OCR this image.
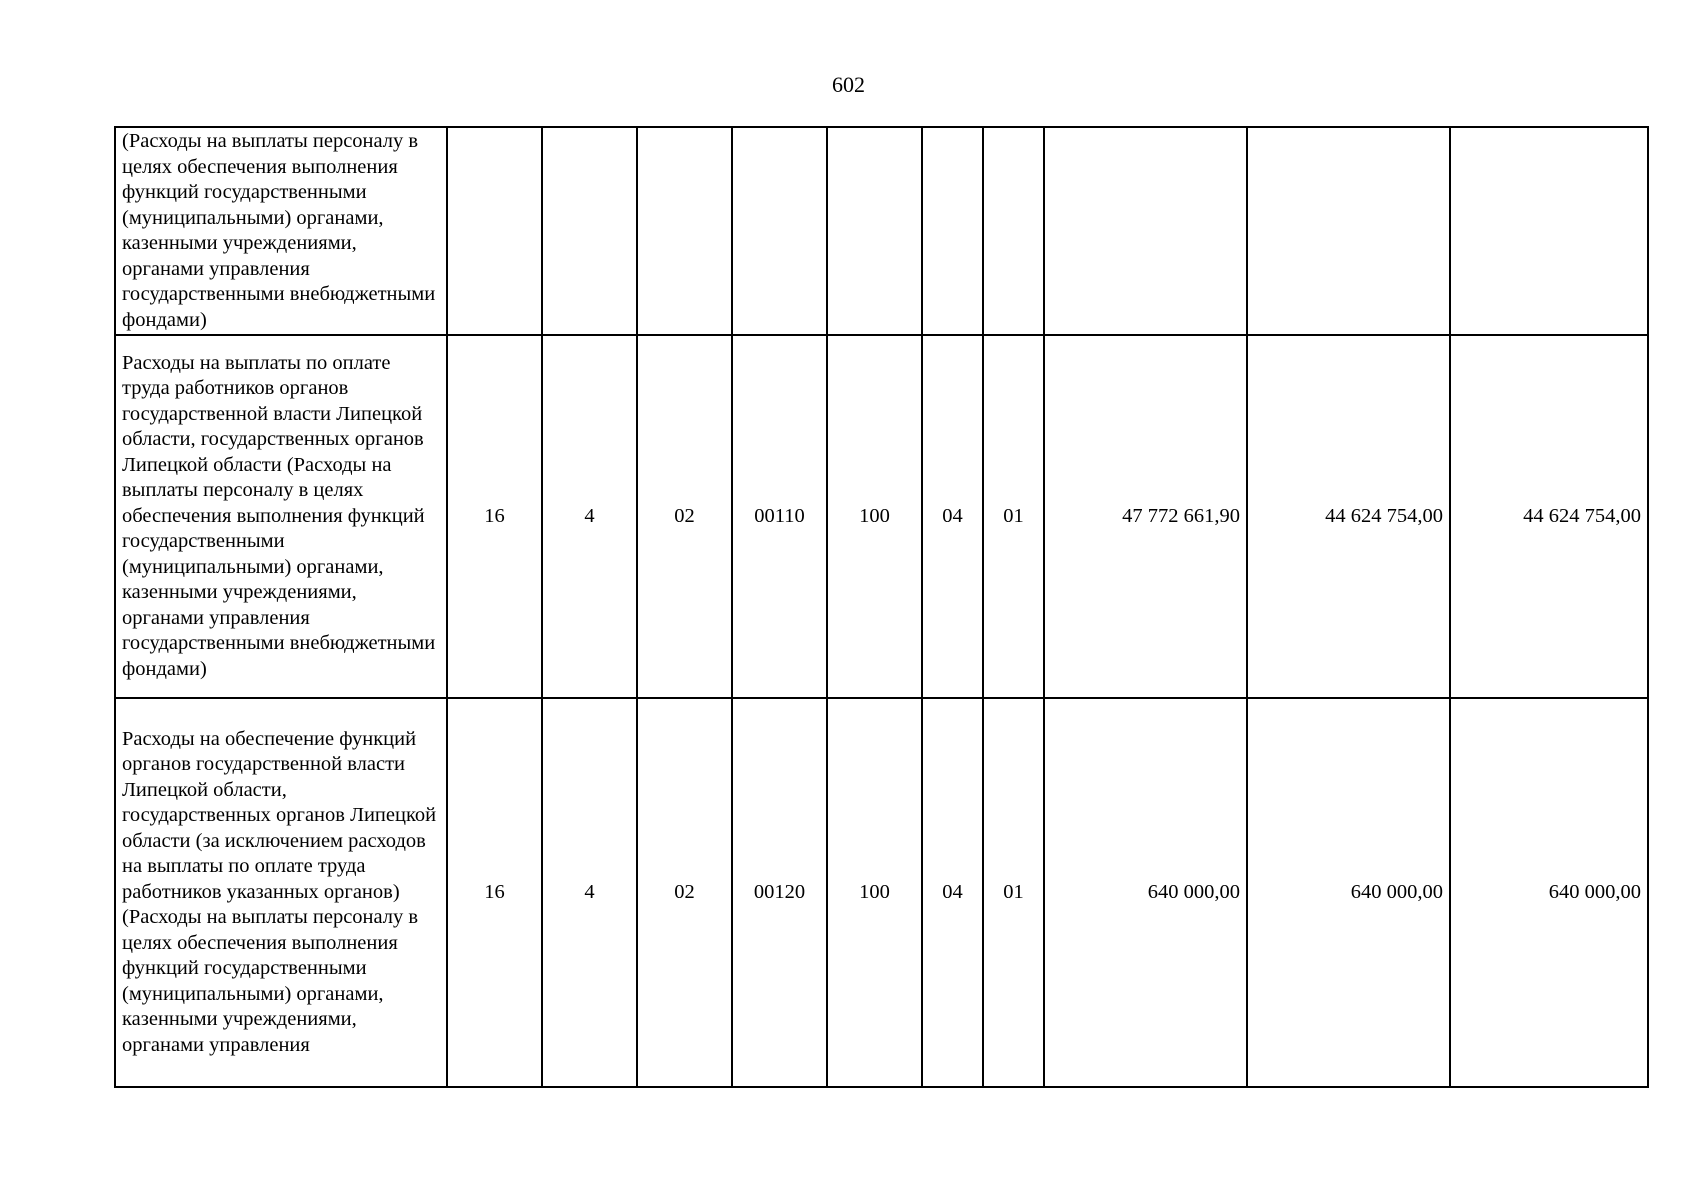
602
(Расходы на выплаты персоналу в целях обеспечения выполнения функций государственными (муниципальными) органами, казенными учреждениями, органами управления государственными внебюджетными фондами)										
Расходы на выплаты по оплате труда работников органов государственной власти Липецкой области, государственных органов Липецкой области (Расходы на выплаты персоналу в целях обеспечения выполнения функций государственными (муниципальными) органами, казенными учреждениями, органами управления государственными внебюджетными фондами)	16	4	02	00110	100	04	01	47 772 661,90	44 624 754,00	44 624 754,00
Расходы на обеспечение функций органов государственной власти Липецкой области, государственных органов Липецкой области (за исключением расходов на выплаты по оплате труда работников указанных органов) (Расходы на выплаты персоналу в целях обеспечения выполнения функций государственными (муниципальными) органами, казенными учреждениями, органами управления	16	4	02	00120	100	04	01	640 000,00	640 000,00	640 000,00
